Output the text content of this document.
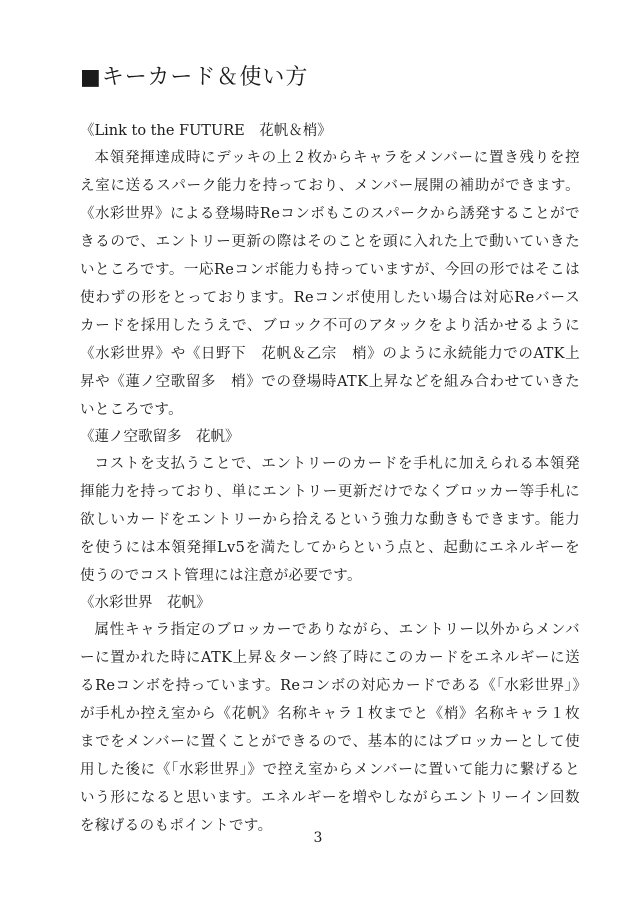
■キーカード＆使い方

《Link to the FUTURE　花帆＆梢》

本領発揮達成時にデッキの上２枚からキャラをメンバーに置き残りを控え室に送るスパーク能力を持っており、メンバー展開の補助ができます。《水彩世界》による登場時Reコンボもこのスパークから誘発することができるので、エントリー更新の際はそのことを頭に入れた上で動いていきたいところです。一応Reコンボ能力も持っていますが、今回の形ではそこは使わずの形をとっております。Reコンボ使用したい場合は対応Reバースカードを採用したうえで、ブロック不可のアタックをより活かせるように《水彩世界》や《日野下　花帆＆乙宗　梢》のように永続能力でのATK上昇や《蓮ノ空歌留多　梢》での登場時ATK上昇などを組み合わせていきたいところです。

《蓮ノ空歌留多　花帆》

コストを支払うことで、エントリーのカードを手札に加えられる本領発揮能力を持っており、単にエントリー更新だけでなくブロッカー等手札に欲しいカードをエントリーから拾えるという強力な動きもできます。能力を使うには本領発揮Lv5を満たしてからという点と、起動にエネルギーを使うのでコスト管理には注意が必要です。

《水彩世界　花帆》

属性キャラ指定のブロッカーでありながら、エントリー以外からメンバーに置かれた時にATK上昇＆ターン終了時にこのカードをエネルギーに送るReコンボを持っています。Reコンボの対応カードである《「水彩世界」》が手札か控え室から《花帆》名称キャラ１枚までと《梢》名称キャラ１枚までをメンバーに置くことができるので、基本的にはブロッカーとして使用した後に《「水彩世界」》で控え室からメンバーに置いて能力に繋げるという形になると思います。エネルギーを増やしながらエントリーイン回数を稼げるのもポイントです。

3
